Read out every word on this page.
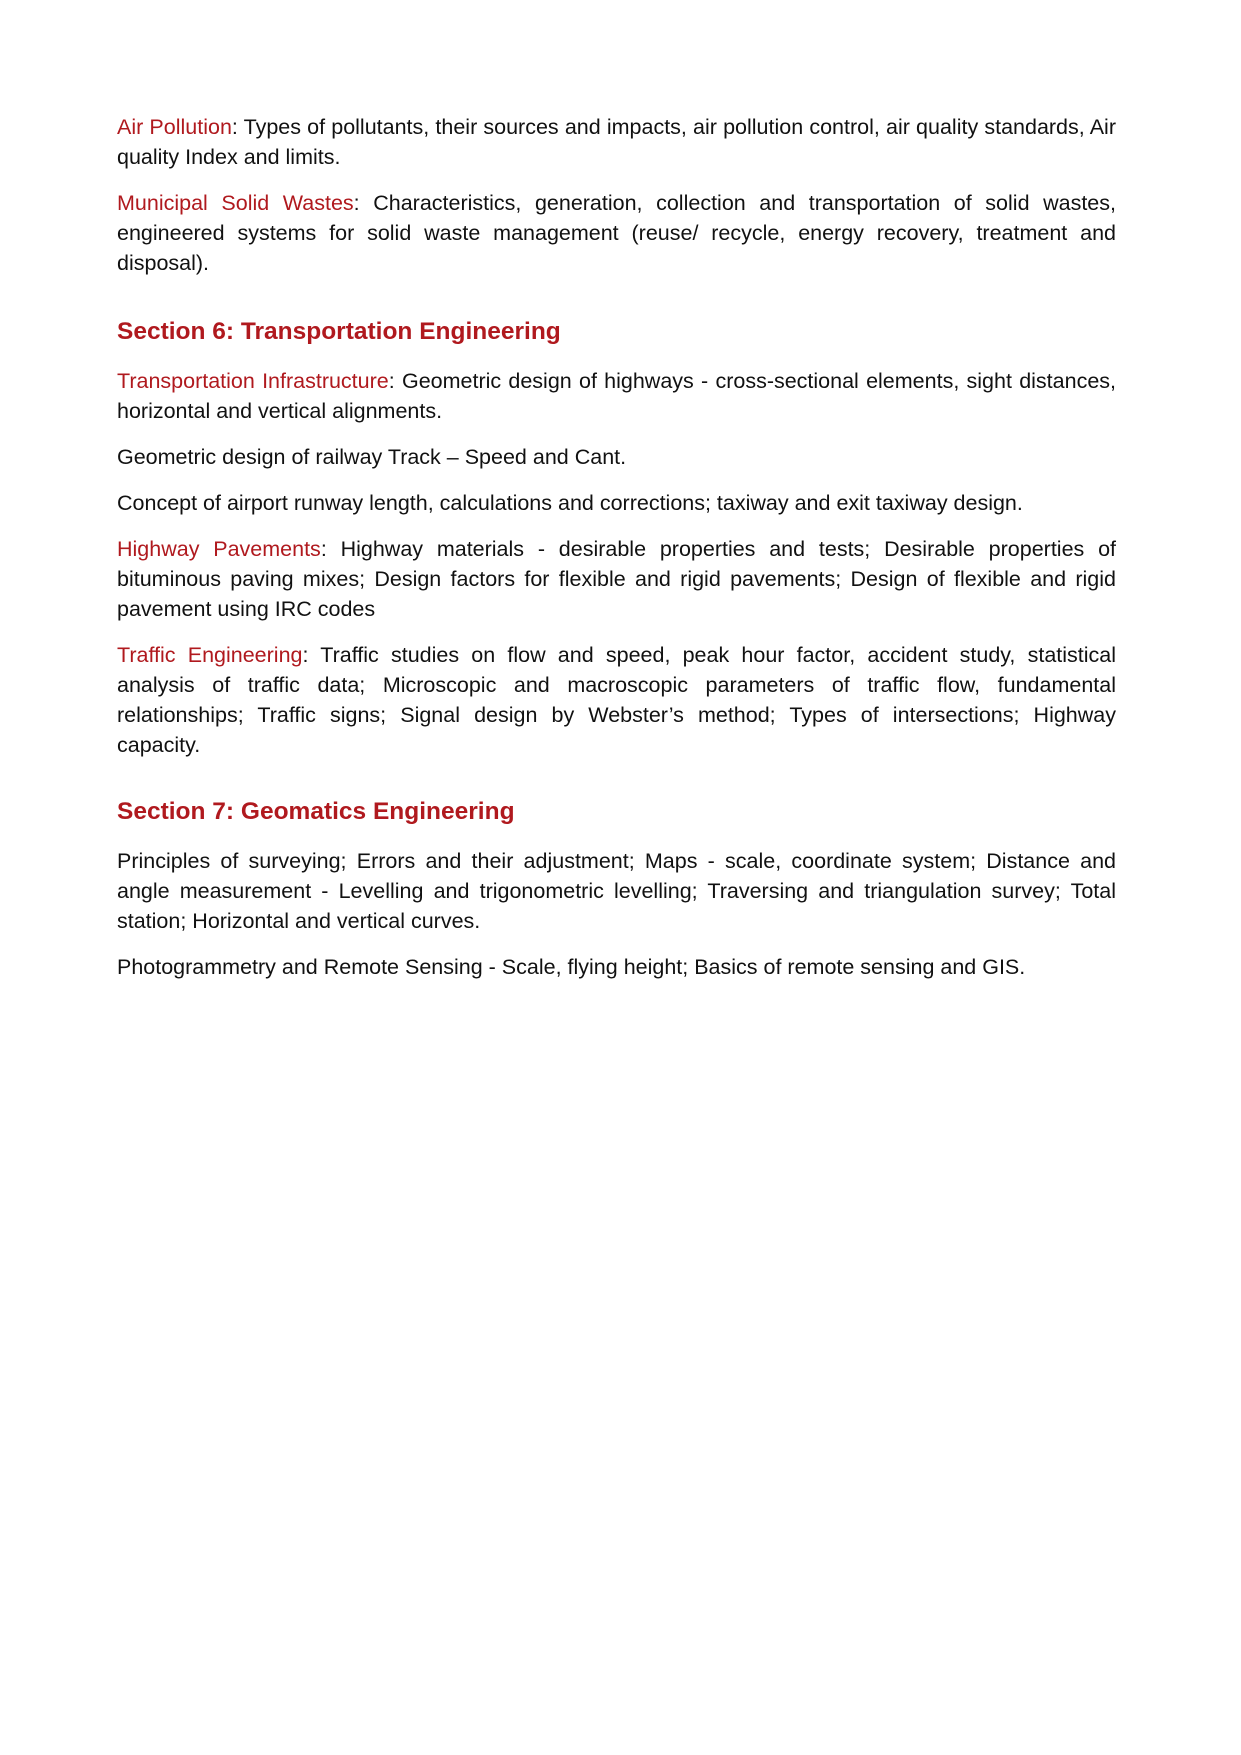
Air Pollution: Types of pollutants, their sources and impacts, air pollution control, air quality standards, Air quality Index and limits.

Municipal Solid Wastes: Characteristics, generation, collection and transportation of solid wastes, engineered systems for solid waste management (reuse/ recycle, energy recovery, treatment and disposal).

Section 6: Transportation Engineering

Transportation Infrastructure: Geometric design of highways - cross-sectional elements, sight distances, horizontal and vertical alignments.

Geometric design of railway Track – Speed and Cant.

Concept of airport runway length, calculations and corrections; taxiway and exit taxiway design.

Highway Pavements: Highway materials - desirable properties and tests; Desirable properties of bituminous paving mixes; Design factors for flexible and rigid pavements; Design of flexible and rigid pavement using IRC codes

Traffic Engineering: Traffic studies on flow and speed, peak hour factor, accident study, statistical analysis of traffic data; Microscopic and macroscopic parameters of traffic flow, fundamental relationships; Traffic signs; Signal design by Webster’s method; Types of intersections; Highway capacity.

Section 7: Geomatics Engineering

Principles of surveying; Errors and their adjustment; Maps - scale, coordinate system; Distance and angle measurement - Levelling and trigonometric levelling; Traversing and triangulation survey; Total station; Horizontal and vertical curves.

Photogrammetry and Remote Sensing - Scale, flying height; Basics of remote sensing and GIS.
